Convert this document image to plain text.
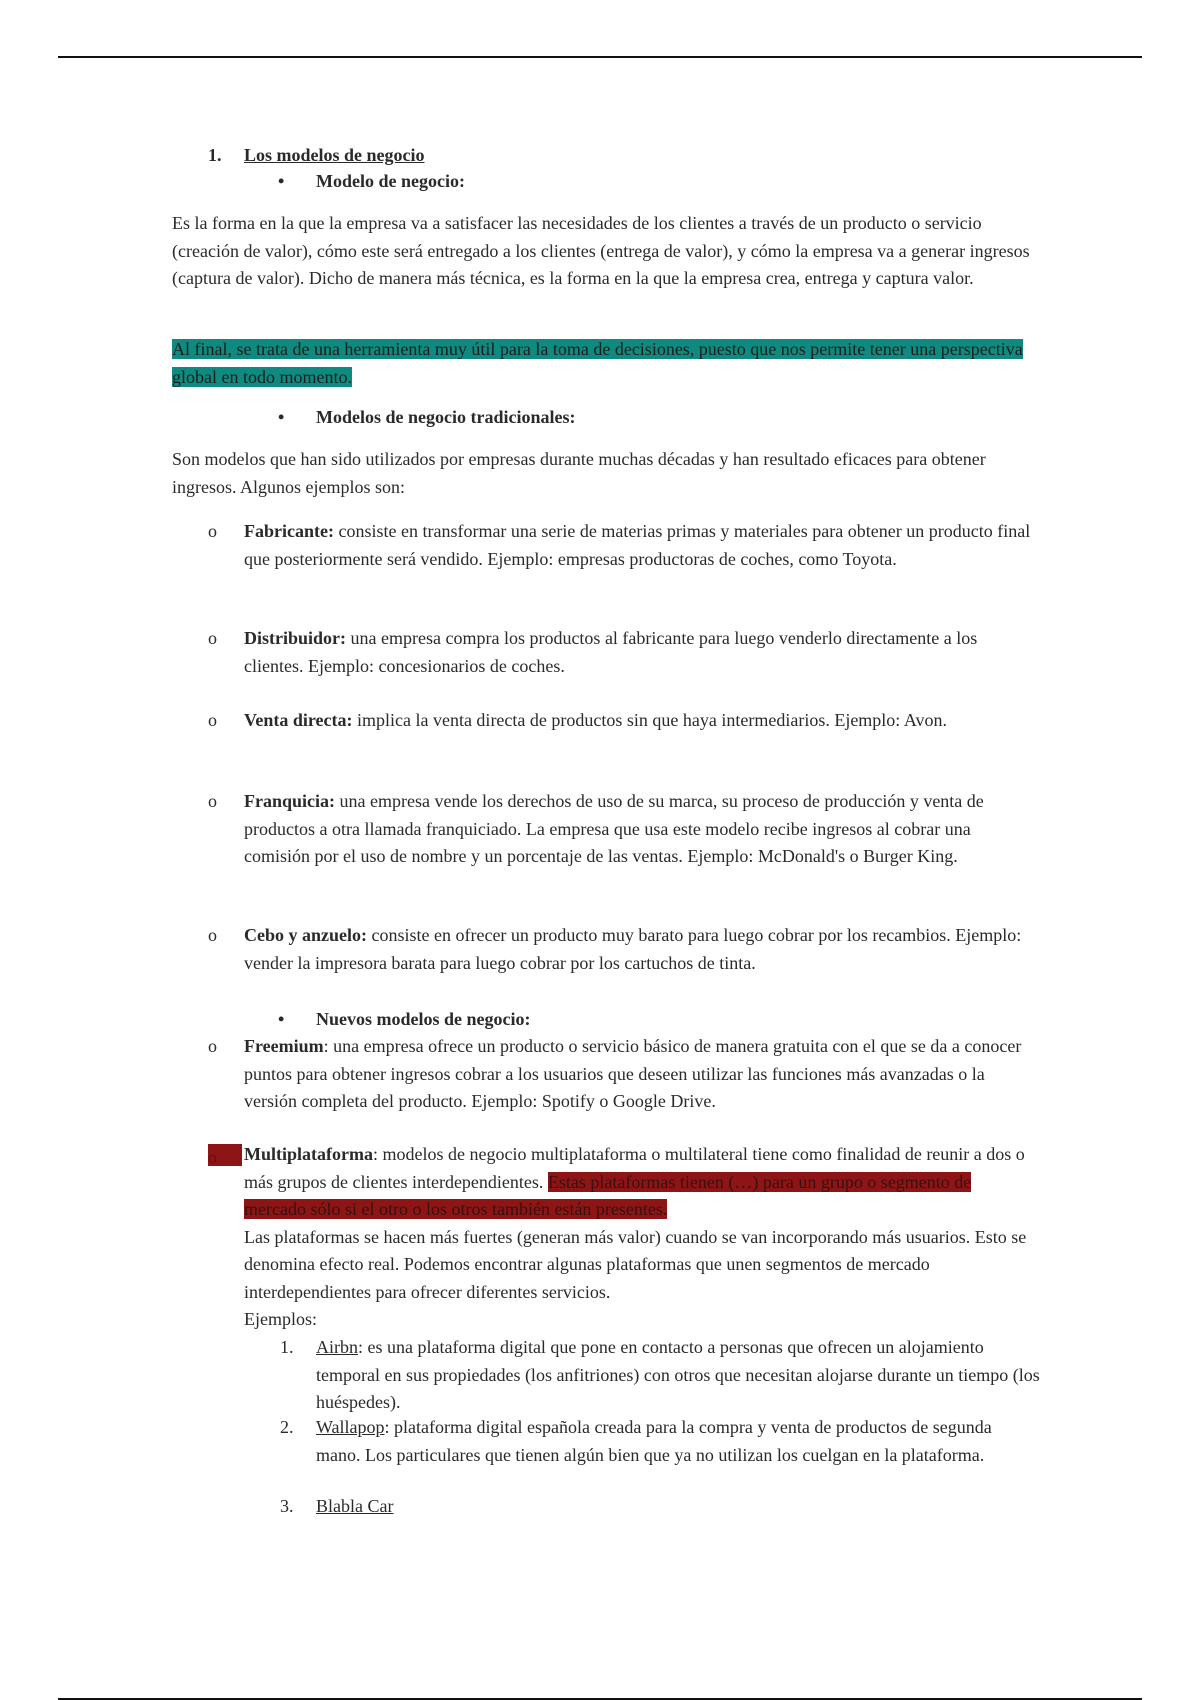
1. Los modelos de negocio

• Modelo de negocio:

Es la forma en la que la empresa va a satisfacer las necesidades de los clientes a través de un producto o servicio (creación de valor), cómo este será entregado a los clientes (entrega de valor), y cómo la empresa va a generar ingresos (captura de valor). Dicho de manera más técnica, es la forma en la que la empresa crea, entrega y captura valor.

Al final, se trata de una herramienta muy útil para la toma de decisiones, puesto que nos permite tener una perspectiva global en todo momento.

• Modelos de negocio tradicionales:

Son modelos que han sido utilizados por empresas durante muchas décadas y han resultado eficaces para obtener ingresos. Algunos ejemplos son:

o	Fabricante: consiste en transformar una serie de materias primas y materiales para obtener un producto final que posteriormente será vendido. Ejemplo: empresas productoras de coches, como Toyota.

o	Distribuidor: una empresa compra los productos al fabricante para luego venderlo directamente a los clientes. Ejemplo: concesionarios de coches.

o	Venta directa: implica la venta directa de productos sin que haya intermediarios. Ejemplo: Avon.

o	Franquicia: una empresa vende los derechos de uso de su marca, su proceso de producción y venta de productos a otra llamada franquiciado. La empresa que usa este modelo recibe ingresos al cobrar una comisión por el uso de nombre y un porcentaje de las ventas. Ejemplo: McDonald's o Burger King.

o	Cebo y anzuelo: consiste en ofrecer un producto muy barato para luego cobrar por los recambios. Ejemplo: vender la impresora barata para luego cobrar por los cartuchos de tinta.

• Nuevos modelos de negocio:

o	Freemium: una empresa ofrece un producto o servicio básico de manera gratuita con el que se da a conocer puntos para obtener ingresos cobrar a los usuarios que deseen utilizar las funciones más avanzadas o la versión completa del producto. Ejemplo: Spotify o Google Drive.

o	Multiplataforma: modelos de negocio multiplataforma o multilateral tiene como finalidad de reunir a dos o más grupos de clientes interdependientes. Estas plataformas tienen (…) para un grupo o segmento de mercado sólo si el otro o los otros también están presentes.

Las plataformas se hacen más fuertes (generan más valor) cuando se van incorporando más usuarios. Esto se denomina efecto real. Podemos encontrar algunas plataformas que unen segmentos de mercado interdependientes para ofrecer diferentes servicios.

Ejemplos:

1.	Airbn: es una plataforma digital que pone en contacto a personas que ofrecen un alojamiento temporal en sus propiedades (los anfitriones) con otros que necesitan alojarse durante un tiempo (los huéspedes).

2.	Wallapop: plataforma digital española creada para la compra y venta de productos de segunda mano. Los particulares que tienen algún bien que ya no utilizan los cuelgan en la plataforma.

3.	Blabla Car
